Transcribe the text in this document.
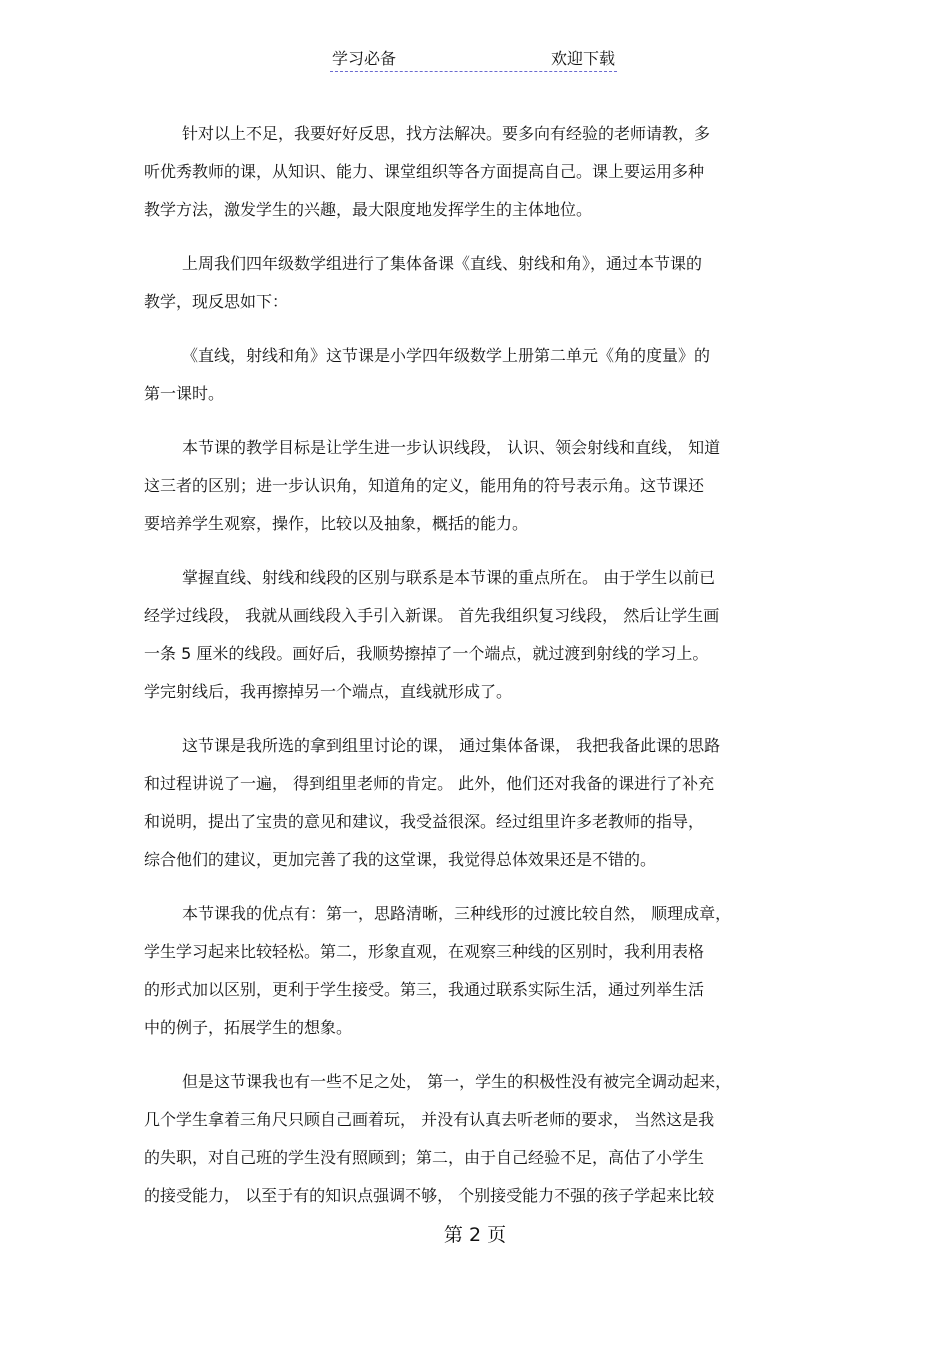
学习必备	欢迎下载
针对以上不足，我要好好反思，找方法解决。要多向有经验的老师请教，多
听优秀教师的课，从知识、能力、课堂组织等各方面提高自己。课上要运用多种
教学方法，激发学生的兴趣，最大限度地发挥学生的主体地位。
上周我们四年级数学组进行了集体备课《直线、射线和角》，通过本节课的
教学，现反思如下：
《直线，射线和角》这节课是小学四年级数学上册第二单元《角的度量》的
第一课时。
本节课的教学目标是让学生进一步认识线段， 认识、领会射线和直线， 知道
这三者的区别；进一步认识角，知道角的定义，能用角的符号表示角。这节课还
要培养学生观察，操作，比较以及抽象，概括的能力。
掌握直线、射线和线段的区别与联系是本节课的重点所在。 由于学生以前已
经学过线段， 我就从画线段入手引入新课。 首先我组织复习线段， 然后让学生画
一条 5 厘米的线段。画好后，我顺势擦掉了一个端点，就过渡到射线的学习上。
学完射线后，我再擦掉另一个端点，直线就形成了。
这节课是我所选的拿到组里讨论的课， 通过集体备课， 我把我备此课的思路
和过程讲说了一遍， 得到组里老师的肯定。 此外，他们还对我备的课进行了补充
和说明，提出了宝贵的意见和建议，我受益很深。经过组里许多老教师的指导，
综合他们的建议，更加完善了我的这堂课，我觉得总体效果还是不错的。
本节课我的优点有：第一，思路清晰，三种线形的过渡比较自然， 顺理成章，
学生学习起来比较轻松。第二，形象直观，在观察三种线的区别时，我利用表格
的形式加以区别，更利于学生接受。第三，我通过联系实际生活，通过列举生活
中的例子，拓展学生的想象。
但是这节课我也有一些不足之处， 第一，学生的积极性没有被完全调动起来，
几个学生拿着三角尺只顾自己画着玩， 并没有认真去听老师的要求， 当然这是我
的失职，对自己班的学生没有照顾到；第二，由于自己经验不足，高估了小学生
的接受能力， 以至于有的知识点强调不够， 个别接受能力不强的孩子学起来比较
第 2 页
